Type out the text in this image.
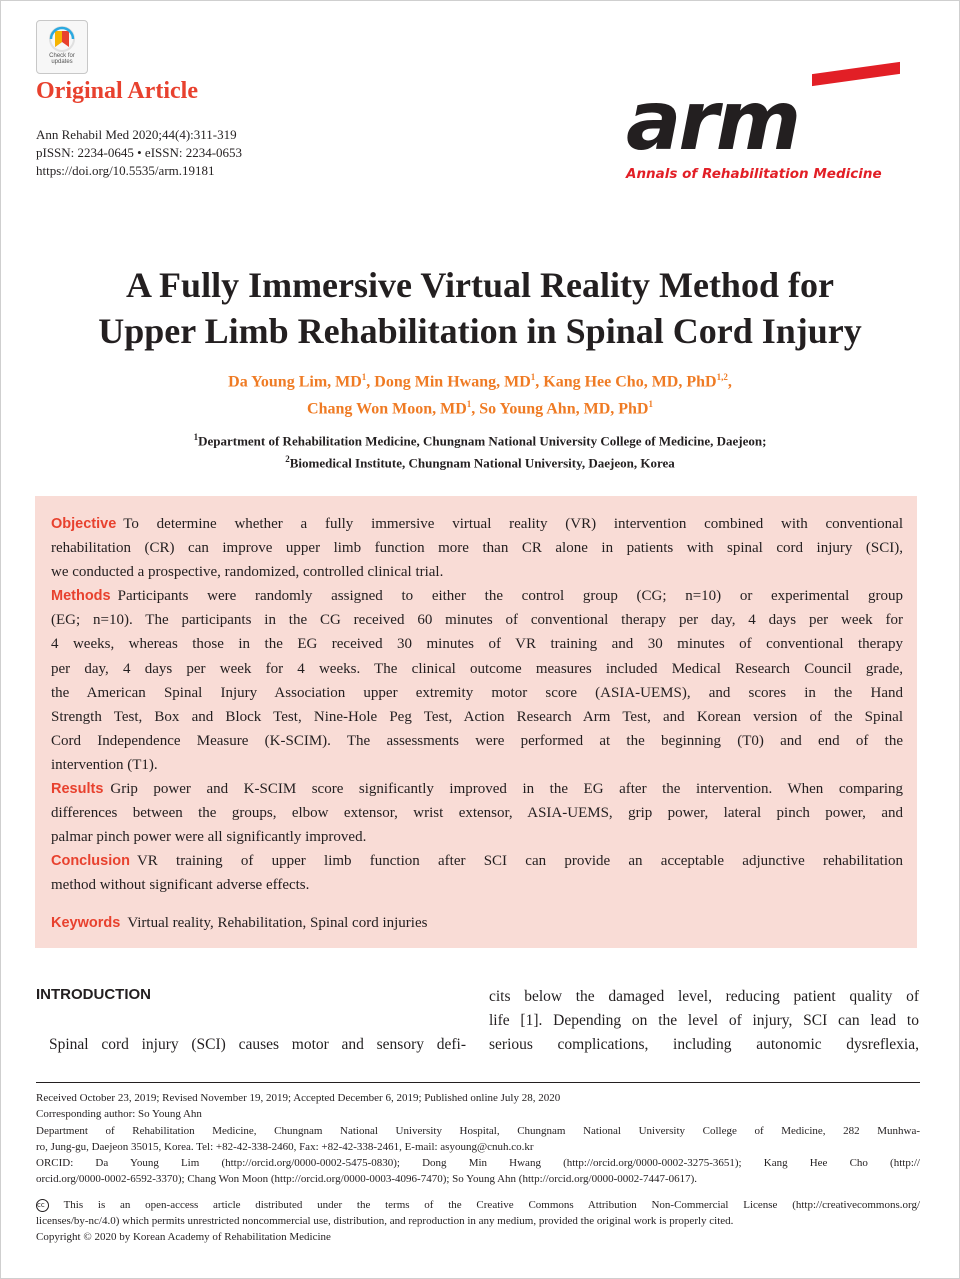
Check for
updates
Original Article
Ann Rehabil Med 2020;44(4):311-319
pISSN: 2234-0645 • eISSN: 2234-0653
https://doi.org/10.5535/arm.19181
arm
Annals of Rehabilitation Medicine
A Fully Immersive Virtual Reality Method for
Upper Limb Rehabilitation in Spinal Cord Injury
Da Young Lim, $MD^1$, Dong Min Hwang, $MD^1$, Kang Hee Cho, MD, PhD$^{1,2}$,
Chang Won Moon, $MD^1$, So Young Ahn, MD, PhD$^1$
$^1$Department of Rehabilitation Medicine, Chungnam National University College of Medicine, Daejeon;
$^2$Biomedical Institute, Chungnam National University, Daejeon, Korea
Objective To determine whether a fully immersive virtual reality (VR) intervention combined with conventional
rehabilitation (CR) can improve upper limb function more than CR alone in patients with spinal cord injury (SCI),
we conducted a prospective, randomized, controlled clinical trial.
Methods Participants were randomly assigned to either the control group (CG; n=10) or experimental group
(EG; n=10). The participants in the CG received 60 minutes of conventional therapy per day, 4 days per week for
4 weeks, whereas those in the EG received 30 minutes of VR training and 30 minutes of conventional therapy
per day, 4 days per week for 4 weeks. The clinical outcome measures included Medical Research Council grade,
the American Spinal Injury Association upper extremity motor score (ASIA-UEMS), and scores in the Hand
Strength Test, Box and Block Test, Nine-Hole Peg Test, Action Research Arm Test, and Korean version of the Spinal
Cord Independence Measure (K-SCIM). The assessments were performed at the beginning (T0) and end of the
intervention (T1).
Results Grip power and K-SCIM score significantly improved in the EG after the intervention. When comparing
differences between the groups, elbow extensor, wrist extensor, ASIA-UEMS, grip power, lateral pinch power, and
palmar pinch power were all significantly improved.
Conclusion VR training of upper limb function after SCI can provide an acceptable adjunctive rehabilitation
method without significant adverse effects.
Keywords Virtual reality, Rehabilitation, Spinal cord injuries
INTRODUCTION
Spinal cord injury (SCI) causes motor and sensory defi-
cits below the damaged level, reducing patient quality of
life [1]. Depending on the level of injury, SCI can lead to
serious complications, including autonomic dysreflexia,
Received October 23, 2019; Revised November 19, 2019; Accepted December 6, 2019; Published online July 28, 2020
Corresponding author: So Young Ahn
Department of Rehabilitation Medicine, Chungnam National University Hospital, Chungnam National University College of Medicine, 282 Munhwa-
ro, Jung-gu, Daejeon 35015, Korea. Tel: +82-42-338-2460, Fax: +82-42-338-2461, E-mail: asyoung@cnuh.co.kr
ORCID: Da Young Lim (http://orcid.org/0000-0002-5475-0830); Dong Min Hwang (http://orcid.org/0000-0002-3275-3651); Kang Hee Cho (http://
orcid.org/0000-0002-6592-3370); Chang Won Moon (http://orcid.org/0000-0003-4096-7470); So Young Ahn (http://orcid.org/0000-0002-7447-0617).
cc This is an open-access article distributed under the terms of the Creative Commons Attribution Non-Commercial License (http://creativecommons.org/
licenses/by-nc/4.0) which permits unrestricted noncommercial use, distribution, and reproduction in any medium, provided the original work is properly cited.
Copyright © 2020 by Korean Academy of Rehabilitation Medicine
